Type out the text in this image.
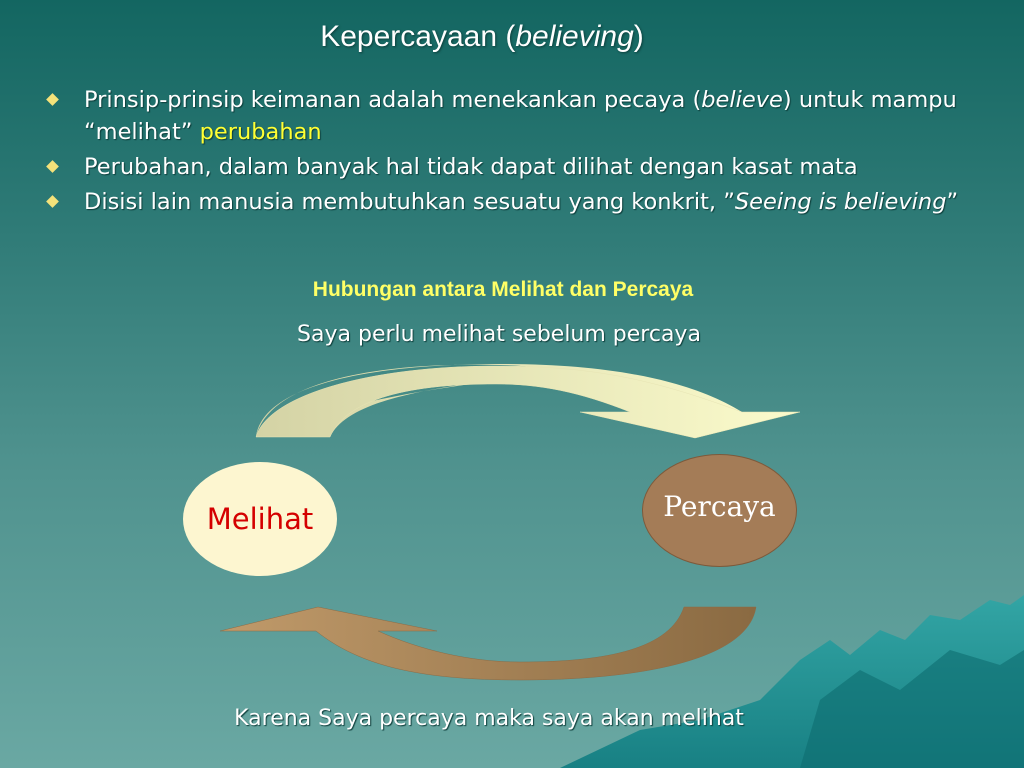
Kepercayaan (believing)
Prinsip-prinsip keimanan adalah menekankan pecaya (believe) untuk mampu “melihat” perubahan
Perubahan, dalam banyak hal tidak dapat dilihat dengan kasat mata
Disisi lain manusia membutuhkan sesuatu yang konkrit, ”Seeing is believing”
Hubungan antara Melihat dan Percaya
Saya perlu melihat sebelum percaya
Melihat	Percaya
Karena Saya percaya maka saya akan melihat
